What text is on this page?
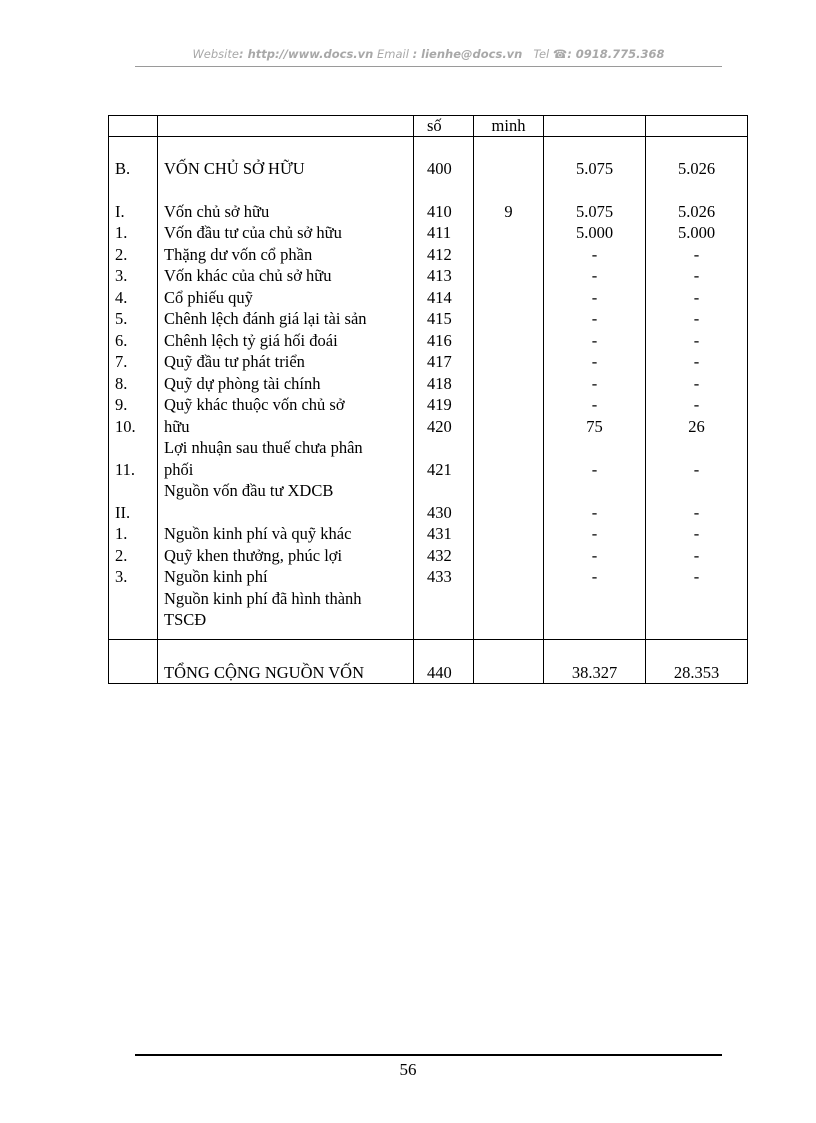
Website: http://www.docs.vn Email : lienhe@docs.vn Tel ☎: 0918.775.368
		số	minh		
B.	VỐN CHỦ SỞ HỮU	400		5.075	5.026
I.	Vốn chủ sở hữu	410	9	5.075	5.026
1.	Vốn đầu tư của chủ sở hữu	411		5.000	5.000
2.	Thặng dư vốn cổ phần	412		-	-
3.	Vốn khác của chủ sở hữu	413		-	-
4.	Cổ phiếu quỹ	414		-	-
5.	Chênh lệch đánh giá lại tài sản	415		-	-
6.	Chênh lệch tỷ giá hối đoái	416		-	-
7.	Quỹ đầu tư phát triển	417		-	-
8.	Quỹ dự phòng tài chính	418		-	-
9.	Quỹ khác thuộc vốn chủ sở	419		-	-
10.	hữu	420		75	26
11.	Lợi nhuận sau thuế chưa phân
phối	421		-	-
II.	Nguồn vốn đầu tư XDCB	430		-	-
1.	Nguồn kinh phí và quỹ khác	431		-	-
2.	Quỹ khen thưởng, phúc lợi	432		-	-
3.	Nguồn kinh phí	433		-	-

	Nguồn kinh phí đã hình thành
TSCĐ				

	TỔNG CỘNG NGUỒN VỐN	440		38.327	28.353
56
